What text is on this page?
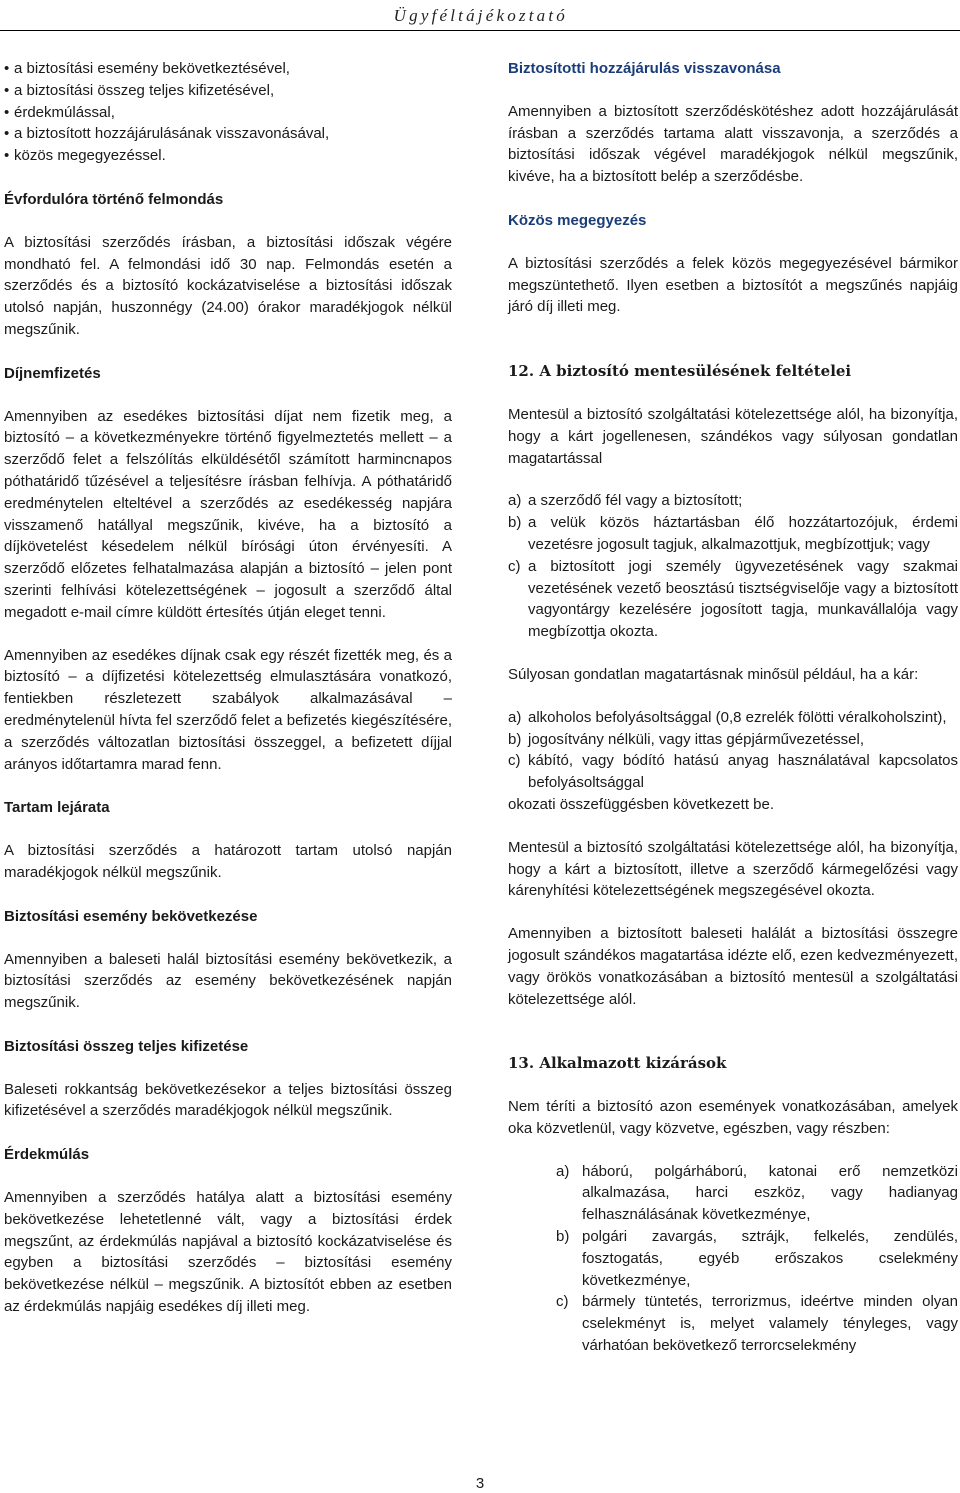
Ügyféltájékoztató
• a biztosítási esemény bekövetkeztésével,
• a biztosítási összeg teljes kifizetésével,
• érdekmúlással,
• a biztosított hozzájárulásának visszavonásával,
• közös megegyezéssel.
Évfordulóra történő felmondás

A biztosítási szerződés írásban, a biztosítási időszak végére mondható fel. A felmondási idő 30 nap. Felmondás esetén a szerződés és a biztosító kockázatviselése a biztosítási időszak utolsó napján, huszonnégy (24.00) órakor maradékjogok nélkül megszűnik.

Díjnemfizetés

Amennyiben az esedékes biztosítási díjat nem fizetik meg, a biztosító – a következményekre történő figyelmeztetés mellett – a szerződő felet a felszólítás elküldésétől számított harmincnapos póthatáridő tűzésével a teljesítésre írásban felhívja. A póthatáridő eredménytelen elteltével a szerződés az esedékesség napjára visszamenő hatállyal megszűnik, kivéve, ha a biztosító a díjkövetelést késedelem nélkül bírósági úton érvényesíti. A szerződő előzetes felhatalmazása alapján a biztosító – jelen pont szerinti felhívási kötelezettségének – jogosult a szerződő által megadott e-mail címre küldött értesítés útján eleget tenni.

Amennyiben az esedékes díjnak csak egy részét fizették meg, és a biztosító – a díjfizetési kötelezettség elmulasztására vonatkozó, fentiekben részletezett szabályok alkalmazásával – eredménytelenül hívta fel szerződő felet a befizetés kiegészítésére, a szerződés változatlan biztosítási összeggel, a befizetett díjjal arányos időtartamra marad fenn.

Tartam lejárata

A biztosítási szerződés a határozott tartam utolsó napján maradékjogok nélkül megszűnik.

Biztosítási esemény bekövetkezése

Amennyiben a baleseti halál biztosítási esemény bekövetkezik, a biztosítási szerződés az esemény bekövetkezésének napján megszűnik.

Biztosítási összeg teljes kifizetése

Baleseti rokkantság bekövetkezésekor a teljes biztosítási összeg kifizetésével a szerződés maradékjogok nélkül megszűnik.

Érdekmúlás

Amennyiben a szerződés hatálya alatt a biztosítási esemény bekövetkezése lehetetlenné vált, vagy a biztosítási érdek megszűnt, az érdekmúlás napjával a biztosító kockázatviselése és egyben a biztosítási szerződés – biztosítási esemény bekövetkezése nélkül – megszűnik. A biztosítót ebben az esetben az érdekmúlás napjáig esedékes díj illeti meg.

Biztosítotti hozzájárulás visszavonása

Amennyiben a biztosított szerződéskötéshez adott hozzájárulását írásban a szerződés tartama alatt visszavonja, a szerződés a biztosítási időszak végével maradékjogok nélkül megszűnik, kivéve, ha a biztosított belép a szerződésbe.

Közös megegyezés

A biztosítási szerződés a felek közös megegyezésével bármikor megszüntethető. Ilyen esetben a biztosítót a megszűnés napjáig járó díj illeti meg.

12. A biztosító mentesülésének feltételei

Mentesül a biztosító szolgáltatási kötelezettsége alól, ha bizonyítja, hogy a kárt jogellenesen, szándékos vagy súlyosan gondatlan magatartással

a) a szerződő fél vagy a biztosított;
b) a velük közös háztartásban élő hozzátartozójuk, érdemi vezetésre jogosult tagjuk, alkalmazottjuk, megbízottjuk; vagy
c) a biztosított jogi személy ügyvezetésének vagy szakmai vezetésének vezető beosztású tisztségviselője vagy a biztosított vagyontárgy kezelésére jogosított tagja, munkavállalója vagy megbízottja okozta.

Súlyosan gondatlan magatartásnak minősül például, ha a kár:

a) alkoholos befolyásoltsággal (0,8 ezrelék fölötti véralkoholszint),
b) jogosítvány nélküli, vagy ittas gépjárművezetéssel,
c) kábító, vagy bódító hatású anyag használatával kapcsolatos befolyásoltsággal

okozati összefüggésben következett be.

Mentesül a biztosító szolgáltatási kötelezettsége alól, ha bizonyítja, hogy a kárt a biztosított, illetve a szerződő kármegelőzési vagy kárenyhítési kötelezettségének megszegésével okozta.

Amennyiben a biztosított baleseti halálát a biztosítási összegre jogosult szándékos magatartása idézte elő, ezen kedvezményezett, vagy örökös vonatkozásában a biztosító mentesül a szolgáltatási kötelezettsége alól.

13. Alkalmazott kizárások

Nem téríti a biztosító azon események vonatkozásában, amelyek oka közvetlenül, vagy közvetve, egészben, vagy részben:

a) háború, polgárháború, katonai erő nemzetközi alkalmazása, harci eszköz, vagy hadianyag felhasználásának következménye,
b) polgári zavargás, sztrájk, felkelés, zendülés, fosztogatás, egyéb erőszakos cselekmény következménye,
c) bármely tüntetés, terrorizmus, ideértve minden olyan cselekményt is, melyet valamely tényleges, vagy várhatóan bekövetkező terrorcselekmény
3
